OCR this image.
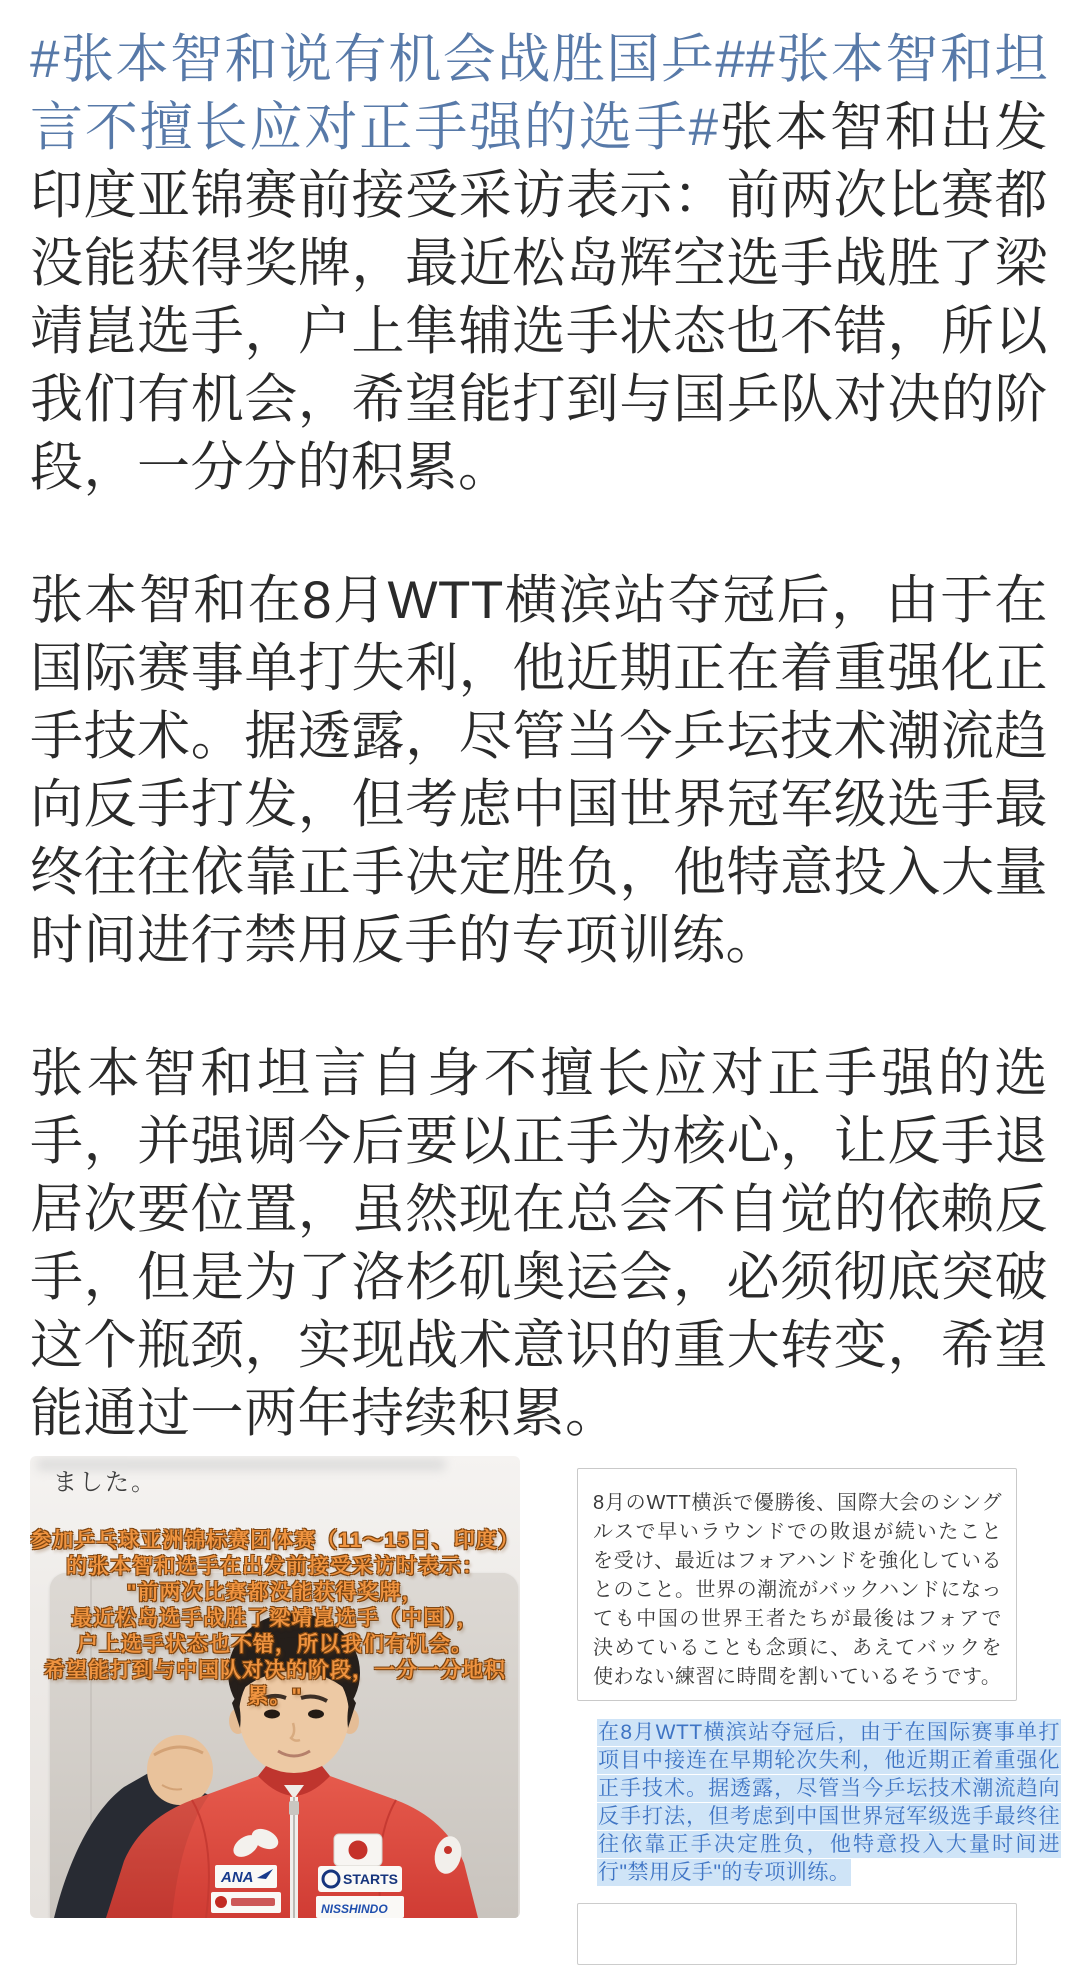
#张本智和说有机会战胜国乒##张本智和坦言不擅长应对正手强的选手#张本智和出发印度亚锦赛前接受采访表示：前两次比赛都没能获得奖牌，最近松岛辉空选手战胜了梁靖崑选手，户上隼辅选手状态也不错，所以我们有机会，希望能打到与国乒队对决的阶段，一分分的积累。

张本智和在8月WTT横滨站夺冠后，由于在国际赛事单打失利，他近期正在着重强化正手技术。据透露，尽管当今乒坛技术潮流趋向反手打发，但考虑中国世界冠军级选手最终往往依靠正手决定胜负，他特意投入大量时间进行禁用反手的专项训练。

张本智和坦言自身不擅长应对正手强的选手，并强调今后要以正手为核心，让反手退居次要位置，虽然现在总会不自觉的依赖反手，但是为了洛杉矶奥运会，必须彻底突破这个瓶颈，实现战术意识的重大转变，希望能通过一两年持续积累。

ました。
参加乒乓球亚洲锦标赛团体赛（11～15日、印度）
的张本智和选手在出发前接受采访时表示：
"前两次比赛都没能获得奖牌，
最近松岛选手战胜了梁靖崑选手（中国），
户上选手状态也不错，所以我们有机会。
希望能打到与中国队对决的阶段，一分一分地积累。"
ANA	STARTS
NISSHINDO
8月のWTT横浜で優勝後、国際大会のシングルスで早いラウンドでの敗退が続いたことを受け、最近はフォアハンドを強化しているとのこと。世界の潮流がバックハンドになっても中国の世界王者たちが最後はフォアで決めていることも念頭に、あえてバックを使わない練習に時間を割いているそうです。
在8月WTT横滨站夺冠后，由于在国际赛事单打项目中接连在早期轮次失利，他近期正着重强化正手技术。据透露，尽管当今乒坛技术潮流趋向反手打法，但考虑到中国世界冠军级选手最终往往依靠正手决定胜负，他特意投入大量时间进行"禁用反手"的专项训练。
